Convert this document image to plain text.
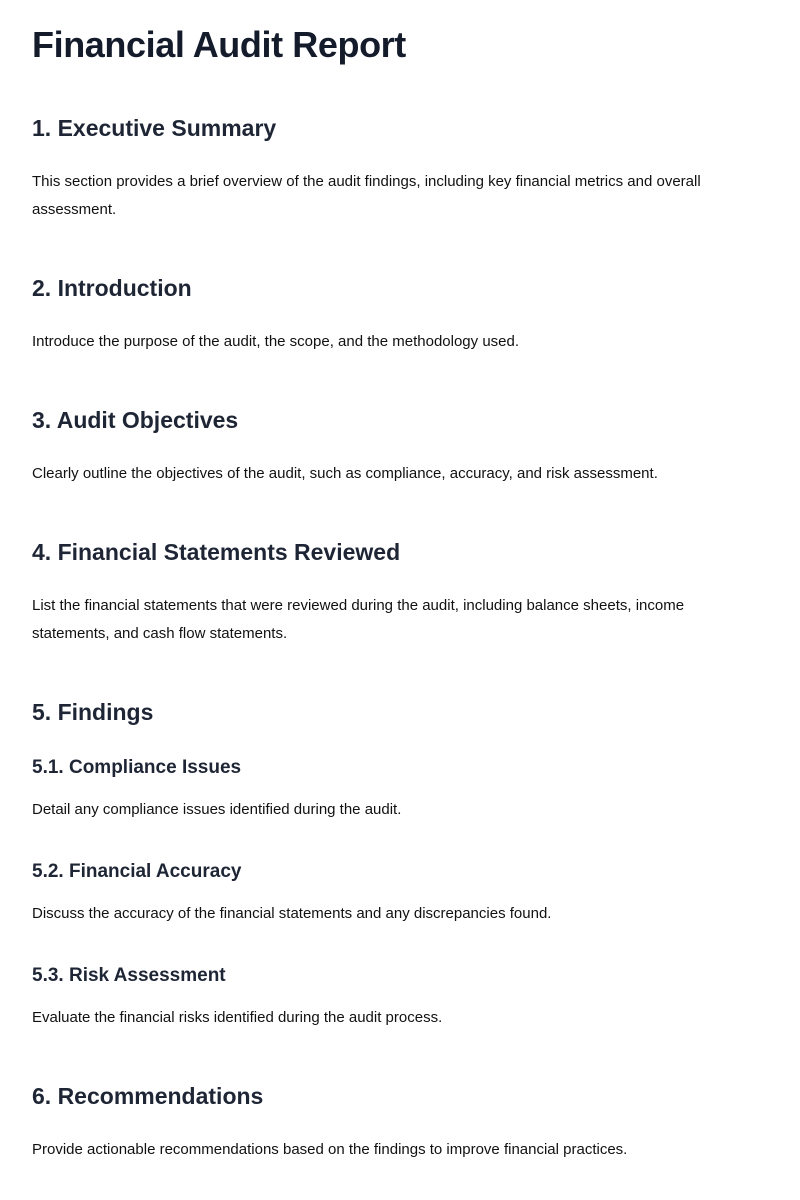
Financial Audit Report
1. Executive Summary

This section provides a brief overview of the audit findings, including key financial metrics and overall assessment.

2. Introduction

Introduce the purpose of the audit, the scope, and the methodology used.

3. Audit Objectives

Clearly outline the objectives of the audit, such as compliance, accuracy, and risk assessment.

4. Financial Statements Reviewed

List the financial statements that were reviewed during the audit, including balance sheets, income statements, and cash flow statements.

5. Findings
5.1. Compliance Issues

Detail any compliance issues identified during the audit.

5.2. Financial Accuracy

Discuss the accuracy of the financial statements and any discrepancies found.

5.3. Risk Assessment

Evaluate the financial risks identified during the audit process.

6. Recommendations

Provide actionable recommendations based on the findings to improve financial practices.
